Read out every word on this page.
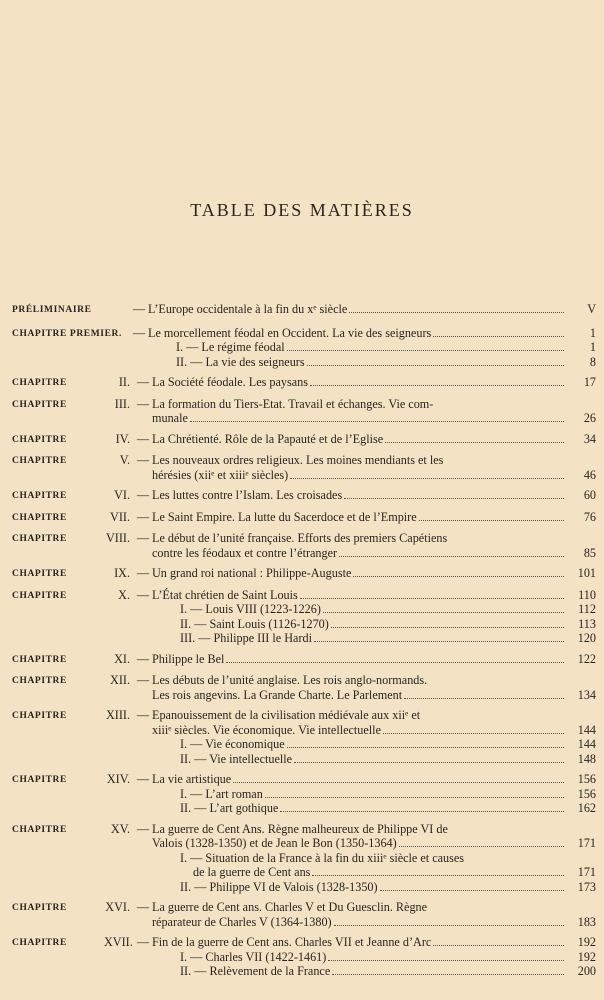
TABLE DES MATIÈRES
PRÉLIMINAIRE	— L’Europe occidentale à la fin du xᵉ siècle	V
CHAPITRE PREMIER. — Le morcellement féodal en Occident. La vie des seigneurs	1
I. — Le régime féodal	1
II. — La vie des seigneurs	8
CHAPITRE	II. — La Société féodale. Les paysans	17
CHAPITRE	III. — La formation du Tiers-Etat. Travail et échanges. Vie com-
munale	26
CHAPITRE	IV. — La Chrétienté. Rôle de la Papauté et de l’Eglise	34
CHAPITRE	V. — Les nouveaux ordres religieux. Les moines mendiants et les
hérésies (xiiᵉ et xiiiᵉ siècles)	46
CHAPITRE	VI. — Les luttes contre l’Islam. Les croisades	60
CHAPITRE	VII. — Le Saint Empire. La lutte du Sacerdoce et de l’Empire	76
CHAPITRE	VIII. — Le début de l’unité française. Efforts des premiers Capétiens
contre les féodaux et contre l’étranger	85
CHAPITRE	IX. — Un grand roi national : Philippe-Auguste	101
CHAPITRE	X. — L’État chrétien de Saint Louis	110
I. — Louis VIII (1223-1226)	112
II. — Saint Louis (1126-1270)	113
III. — Philippe III le Hardi	120
CHAPITRE	XI. — Philippe le Bel	122
CHAPITRE	XII. — Les débuts de l’unité anglaise. Les rois anglo-normands.
Les rois angevins. La Grande Charte. Le Parlement	134
CHAPITRE	XIII. — Epanouissement de la civilisation médiévale aux xiiᵉ et
xiiiᵉ siècles. Vie économique. Vie intellectuelle	144
I. — Vie économique	144
II. — Vie intellectuelle	148
CHAPITRE	XIV. — La vie artistique	156
I. — L’art roman	156
II. — L’art gothique	162
CHAPITRE	XV. — La guerre de Cent Ans. Règne malheureux de Philippe VI de
Valois (1328-1350) et de Jean le Bon (1350-1364)	171
I. — Situation de la France à la fin du xiiiᵉ siècle et causes
de la guerre de Cent ans	171
II. — Philippe VI de Valois (1328-1350)	173
CHAPITRE	XVI. — La guerre de Cent ans. Charles V et Du Guesclin. Règne
réparateur de Charles V (1364-1380)	183
CHAPITRE	XVII. — Fin de la guerre de Cent ans. Charles VII et Jeanne d’Arc	192
I. — Charles VII (1422-1461)	192
II. — Relèvement de la France	200
